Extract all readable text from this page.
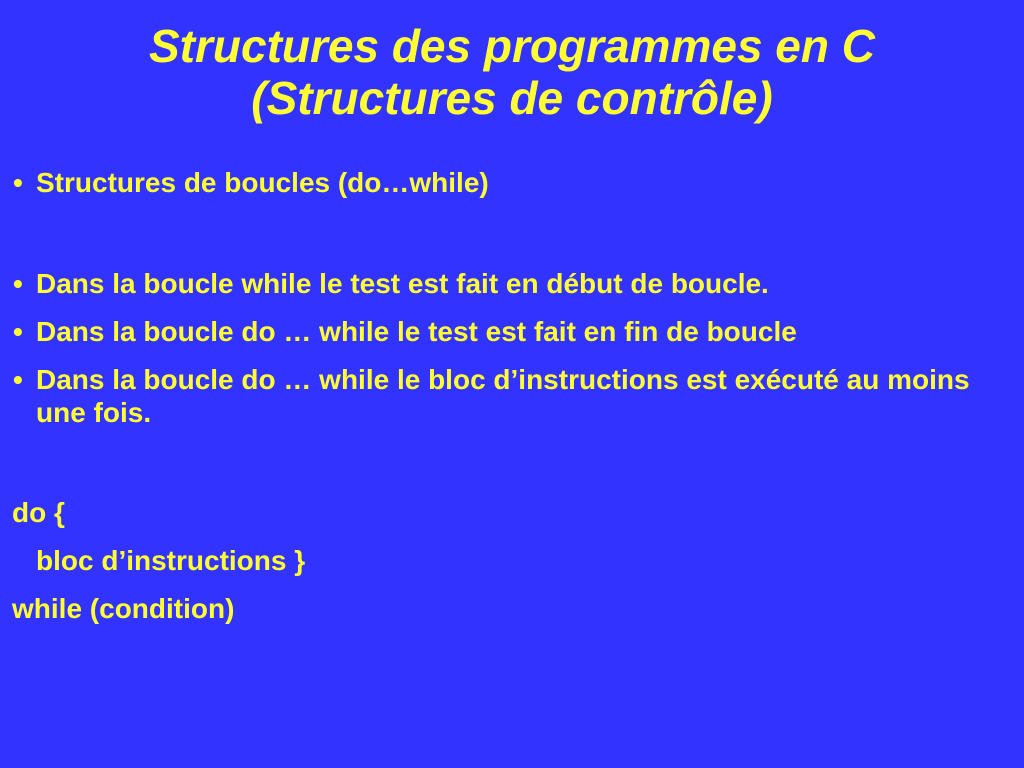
Structures des programmes en C
(Structures de contrôle)
• Structures de boucles (do…while)
• Dans la boucle while le test est fait en début de boucle.
• Dans la boucle do … while le test est fait en fin de boucle
• Dans la boucle do … while le bloc d’instructions est exécuté au moins une fois.
do {
bloc d’instructions }
while (condition)
